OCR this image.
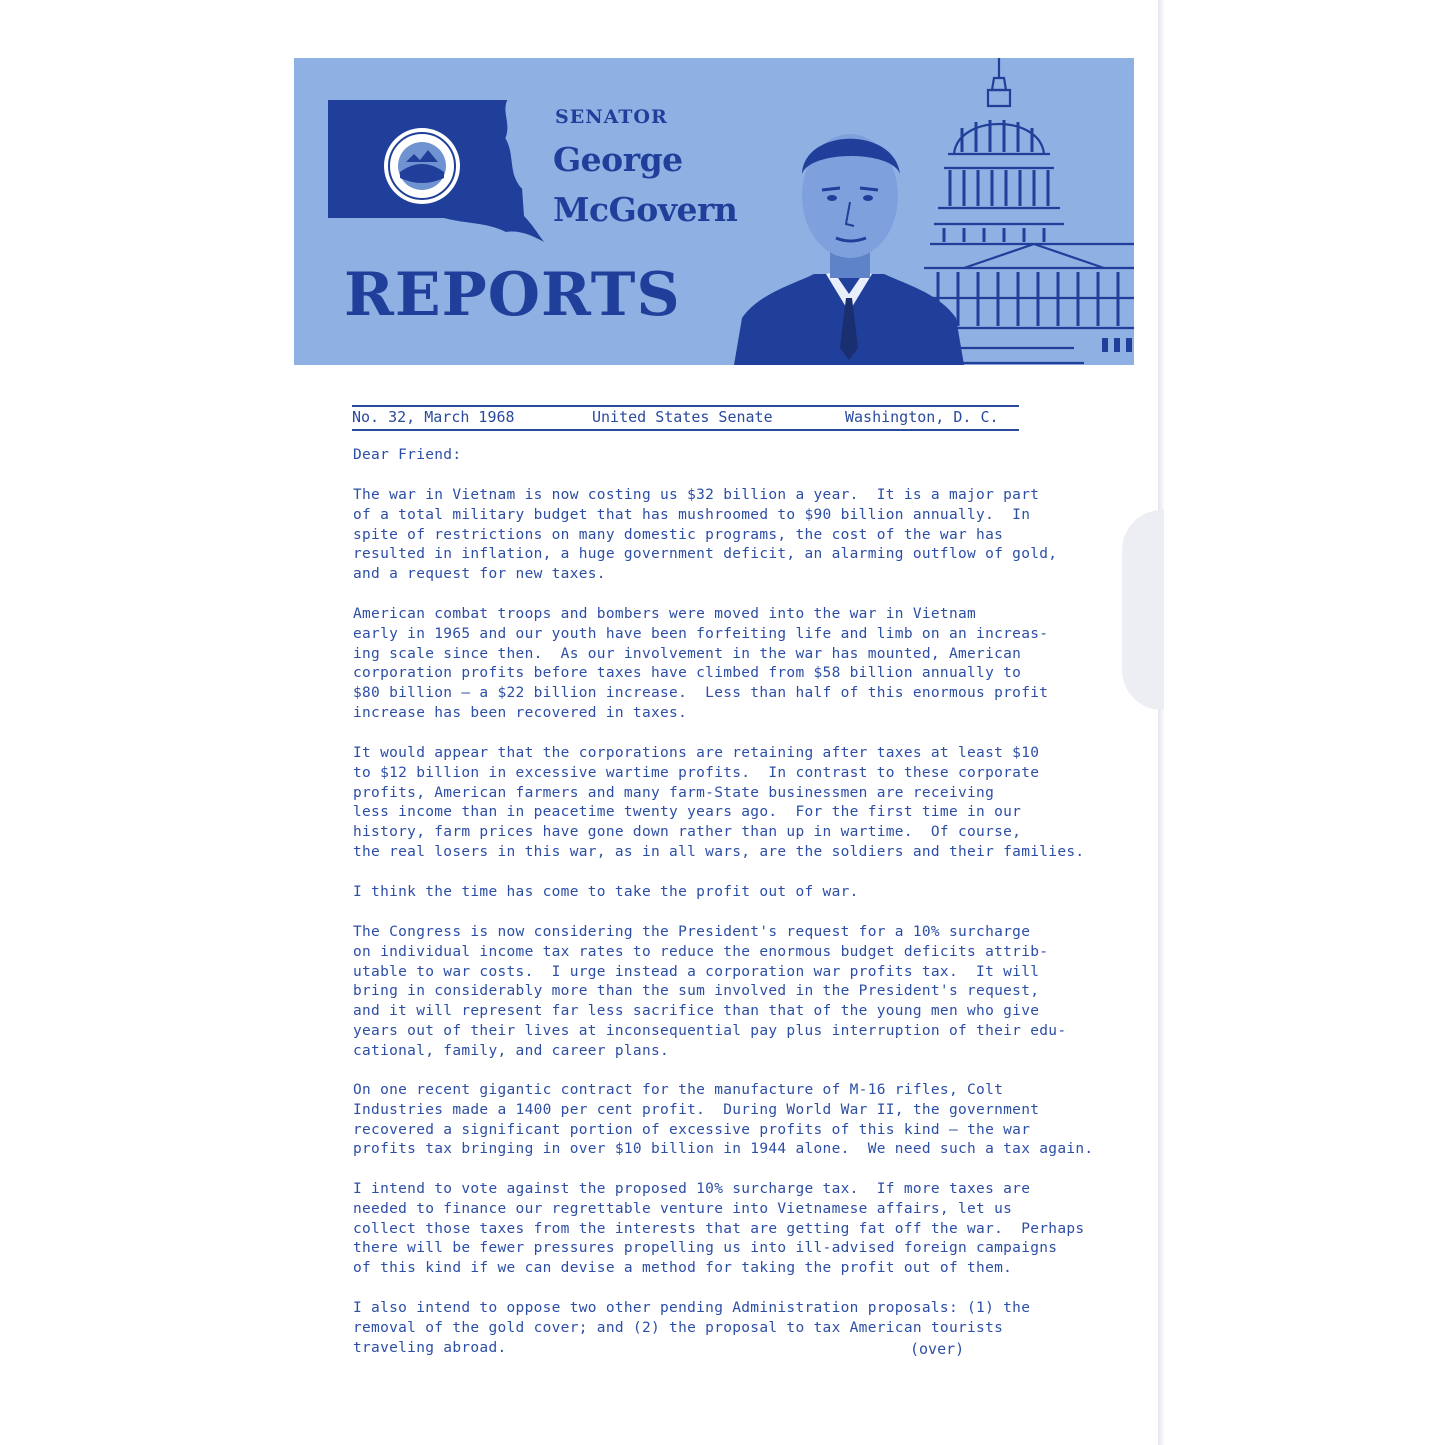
SENATOR
George
McGovern
REPORTS
No. 32, March 1968	United States Senate	Washington, D. C.

Dear Friend:

The war in Vietnam is now costing us $32 billion a year.  It is a major part

of a total military budget that has mushroomed to $90 billion annually.  In

spite of restrictions on many domestic programs, the cost of the war has

resulted in inflation, a huge government deficit, an alarming outflow of gold,

and a request for new taxes.

American combat troops and bombers were moved into the war in Vietnam

early in 1965 and our youth have been forfeiting life and limb on an increas-

ing scale since then.  As our involvement in the war has mounted, American

corporation profits before taxes have climbed from $58 billion annually to

$80 billion — a $22 billion increase.  Less than half of this enormous profit

increase has been recovered in taxes.

It would appear that the corporations are retaining after taxes at least $10

to $12 billion in excessive wartime profits.  In contrast to these corporate

profits, American farmers and many farm-State businessmen are receiving

less income than in peacetime twenty years ago.  For the first time in our

history, farm prices have gone down rather than up in wartime.  Of course,

the real losers in this war, as in all wars, are the soldiers and their families.

I think the time has come to take the profit out of war.

The Congress is now considering the President's request for a 10% surcharge

on individual income tax rates to reduce the enormous budget deficits attrib-

utable to war costs.  I urge instead a corporation war profits tax.  It will

bring in considerably more than the sum involved in the President's request,

and it will represent far less sacrifice than that of the young men who give

years out of their lives at inconsequential pay plus interruption of their edu-

cational, family, and career plans.

On one recent gigantic contract for the manufacture of M-16 rifles, Colt

Industries made a 1400 per cent profit.  During World War II, the government

recovered a significant portion of excessive profits of this kind — the war

profits tax bringing in over $10 billion in 1944 alone.  We need such a tax again.

I intend to vote against the proposed 10% surcharge tax.  If more taxes are

needed to finance our regrettable venture into Vietnamese affairs, let us

collect those taxes from the interests that are getting fat off the war.  Perhaps

there will be fewer pressures propelling us into ill-advised foreign campaigns

of this kind if we can devise a method for taking the profit out of them.

I also intend to oppose two other pending Administration proposals: (1) the

removal of the gold cover; and (2) the proposal to tax American tourists

traveling abroad.	(over)
